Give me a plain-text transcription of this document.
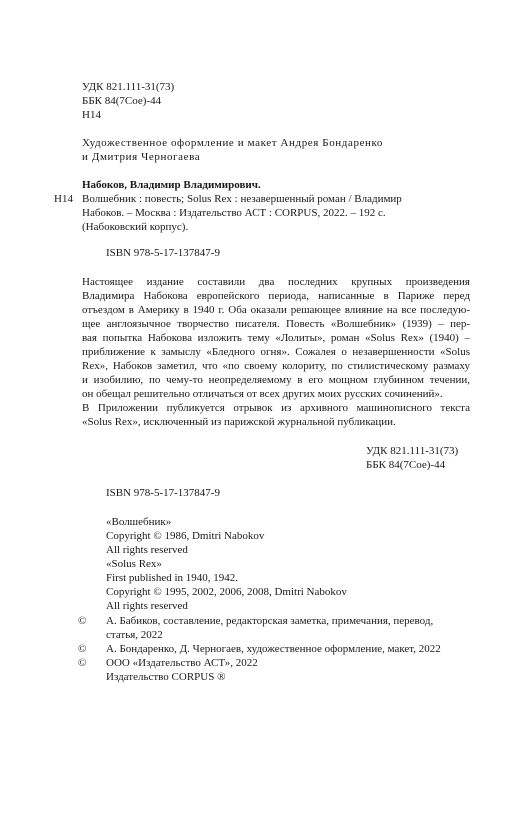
УДК 821.111-31(73)
ББК 84(7Сое)-44
Н14
Художественное оформление и макет Андрея Бондаренко
и Дмитрия Черногаева
Н14
Набоков, Владимир Владимирович.
Волшебник : повесть; Solus Rex : незавершенный роман / Владимир
Набоков. – Москва : Издательство АСТ : CORPUS, 2022. – 192 с.
(Набоковский корпус).
ISBN 978-5-17-137847-9
Настоящее издание составили два последних крупных произведения
Владимира Набокова европейского периода, написанные в Париже перед
отъездом в Америку в 1940 г. Оба оказали решающее влияние на все последую-
щее англоязычное творчество писателя. Повесть «Волшебник» (1939) – пер-
вая попытка Набокова изложить тему «Лолиты», роман «Solus Rex» (1940) –
приближение к замыслу «Бледного огня». Сожалея о незавершенности «Solus
Rex», Набоков заметил, что «по своему колориту, по стилистическому размаху
и изобилию, по чему-то неопределяемому в его мощном глубинном течении,
он обещал решительно отличаться от всех других моих русских сочинений».
В Приложении публикуется отрывок из архивного машинописного текста
«Solus Rex», исключенный из парижской журнальной публикации.
УДК 821.111-31(73)
ББК 84(7Сое)-44
ISBN 978-5-17-137847-9
«Волшебник»
Copyright © 1986, Dmitri Nabokov
All rights reserved
«Solus Rex»
First published in 1940, 1942.
Copyright © 1995, 2002, 2006, 2008, Dmitri Nabokov
All rights reserved
©
©
©
А. Бабиков, составление, редакторская заметка, примечания, перевод,
статья, 2022
А. Бондаренко, Д. Черногаев, художественное оформление, макет, 2022
ООО «Издательство АСТ», 2022
Издательство CORPUS ®
